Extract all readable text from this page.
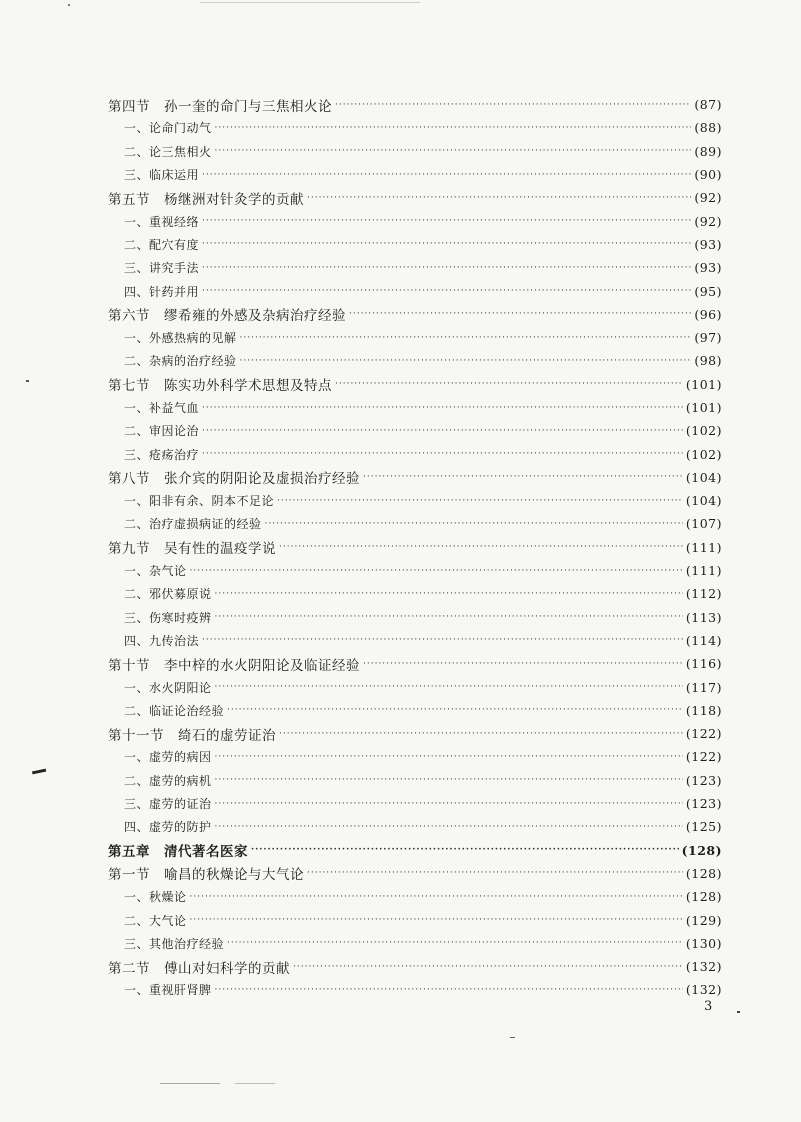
第四节　孙一奎的命门与三焦相火论 ·····	(87)
一、论命门动气 ·····	(88)
二、论三焦相火 ·····	(89)
三、临床运用 ·····	(90)
第五节　杨继洲对针灸学的贡献 ·····	(92)
一、重视经络 ·····	(92)
二、配穴有度 ·····	(93)
三、讲究手法 ·····	(93)
四、针药并用 ·····	(95)
第六节　缪希雍的外感及杂病治疗经验 ·····	(96)
一、外感热病的见解 ·····	(97)
二、杂病的治疗经验 ·····	(98)
第七节　陈实功外科学术思想及特点 ·····	(101)
一、补益气血 ·····	(101)
二、审因论治 ·····	(102)
三、疮疡治疗 ·····	(102)
第八节　张介宾的阴阳论及虚损治疗经验 ·····	(104)
一、阳非有余、阴本不足论 ·····	(104)
二、治疗虚损病证的经验 ·····	(107)
第九节　吴有性的温疫学说 ·····	(111)
一、杂气论 ·····	(111)
二、邪伏募原说 ·····	(112)
三、伤寒时疫辨 ·····	(113)
四、九传治法 ·····	(114)
第十节　李中梓的水火阴阳论及临证经验 ·····	(116)
一、水火阴阳论 ·····	(117)
二、临证论治经验 ·····	(118)
第十一节　绮石的虚劳证治 ·····	(122)
一、虚劳的病因 ·····	(122)
二、虚劳的病机 ·····	(123)
三、虚劳的证治 ·····	(123)
四、虚劳的防护 ·····	(125)
第五章　清代著名医家 ·····	(128)
第一节　喻昌的秋燥论与大气论 ·····	(128)
一、秋燥论 ·····	(128)
二、大气论 ·····	(129)
三、其他治疗经验 ·····	(130)
第二节　傅山对妇科学的贡献 ·····	(132)
一、重视肝肾脾 ·····	(132)
3
